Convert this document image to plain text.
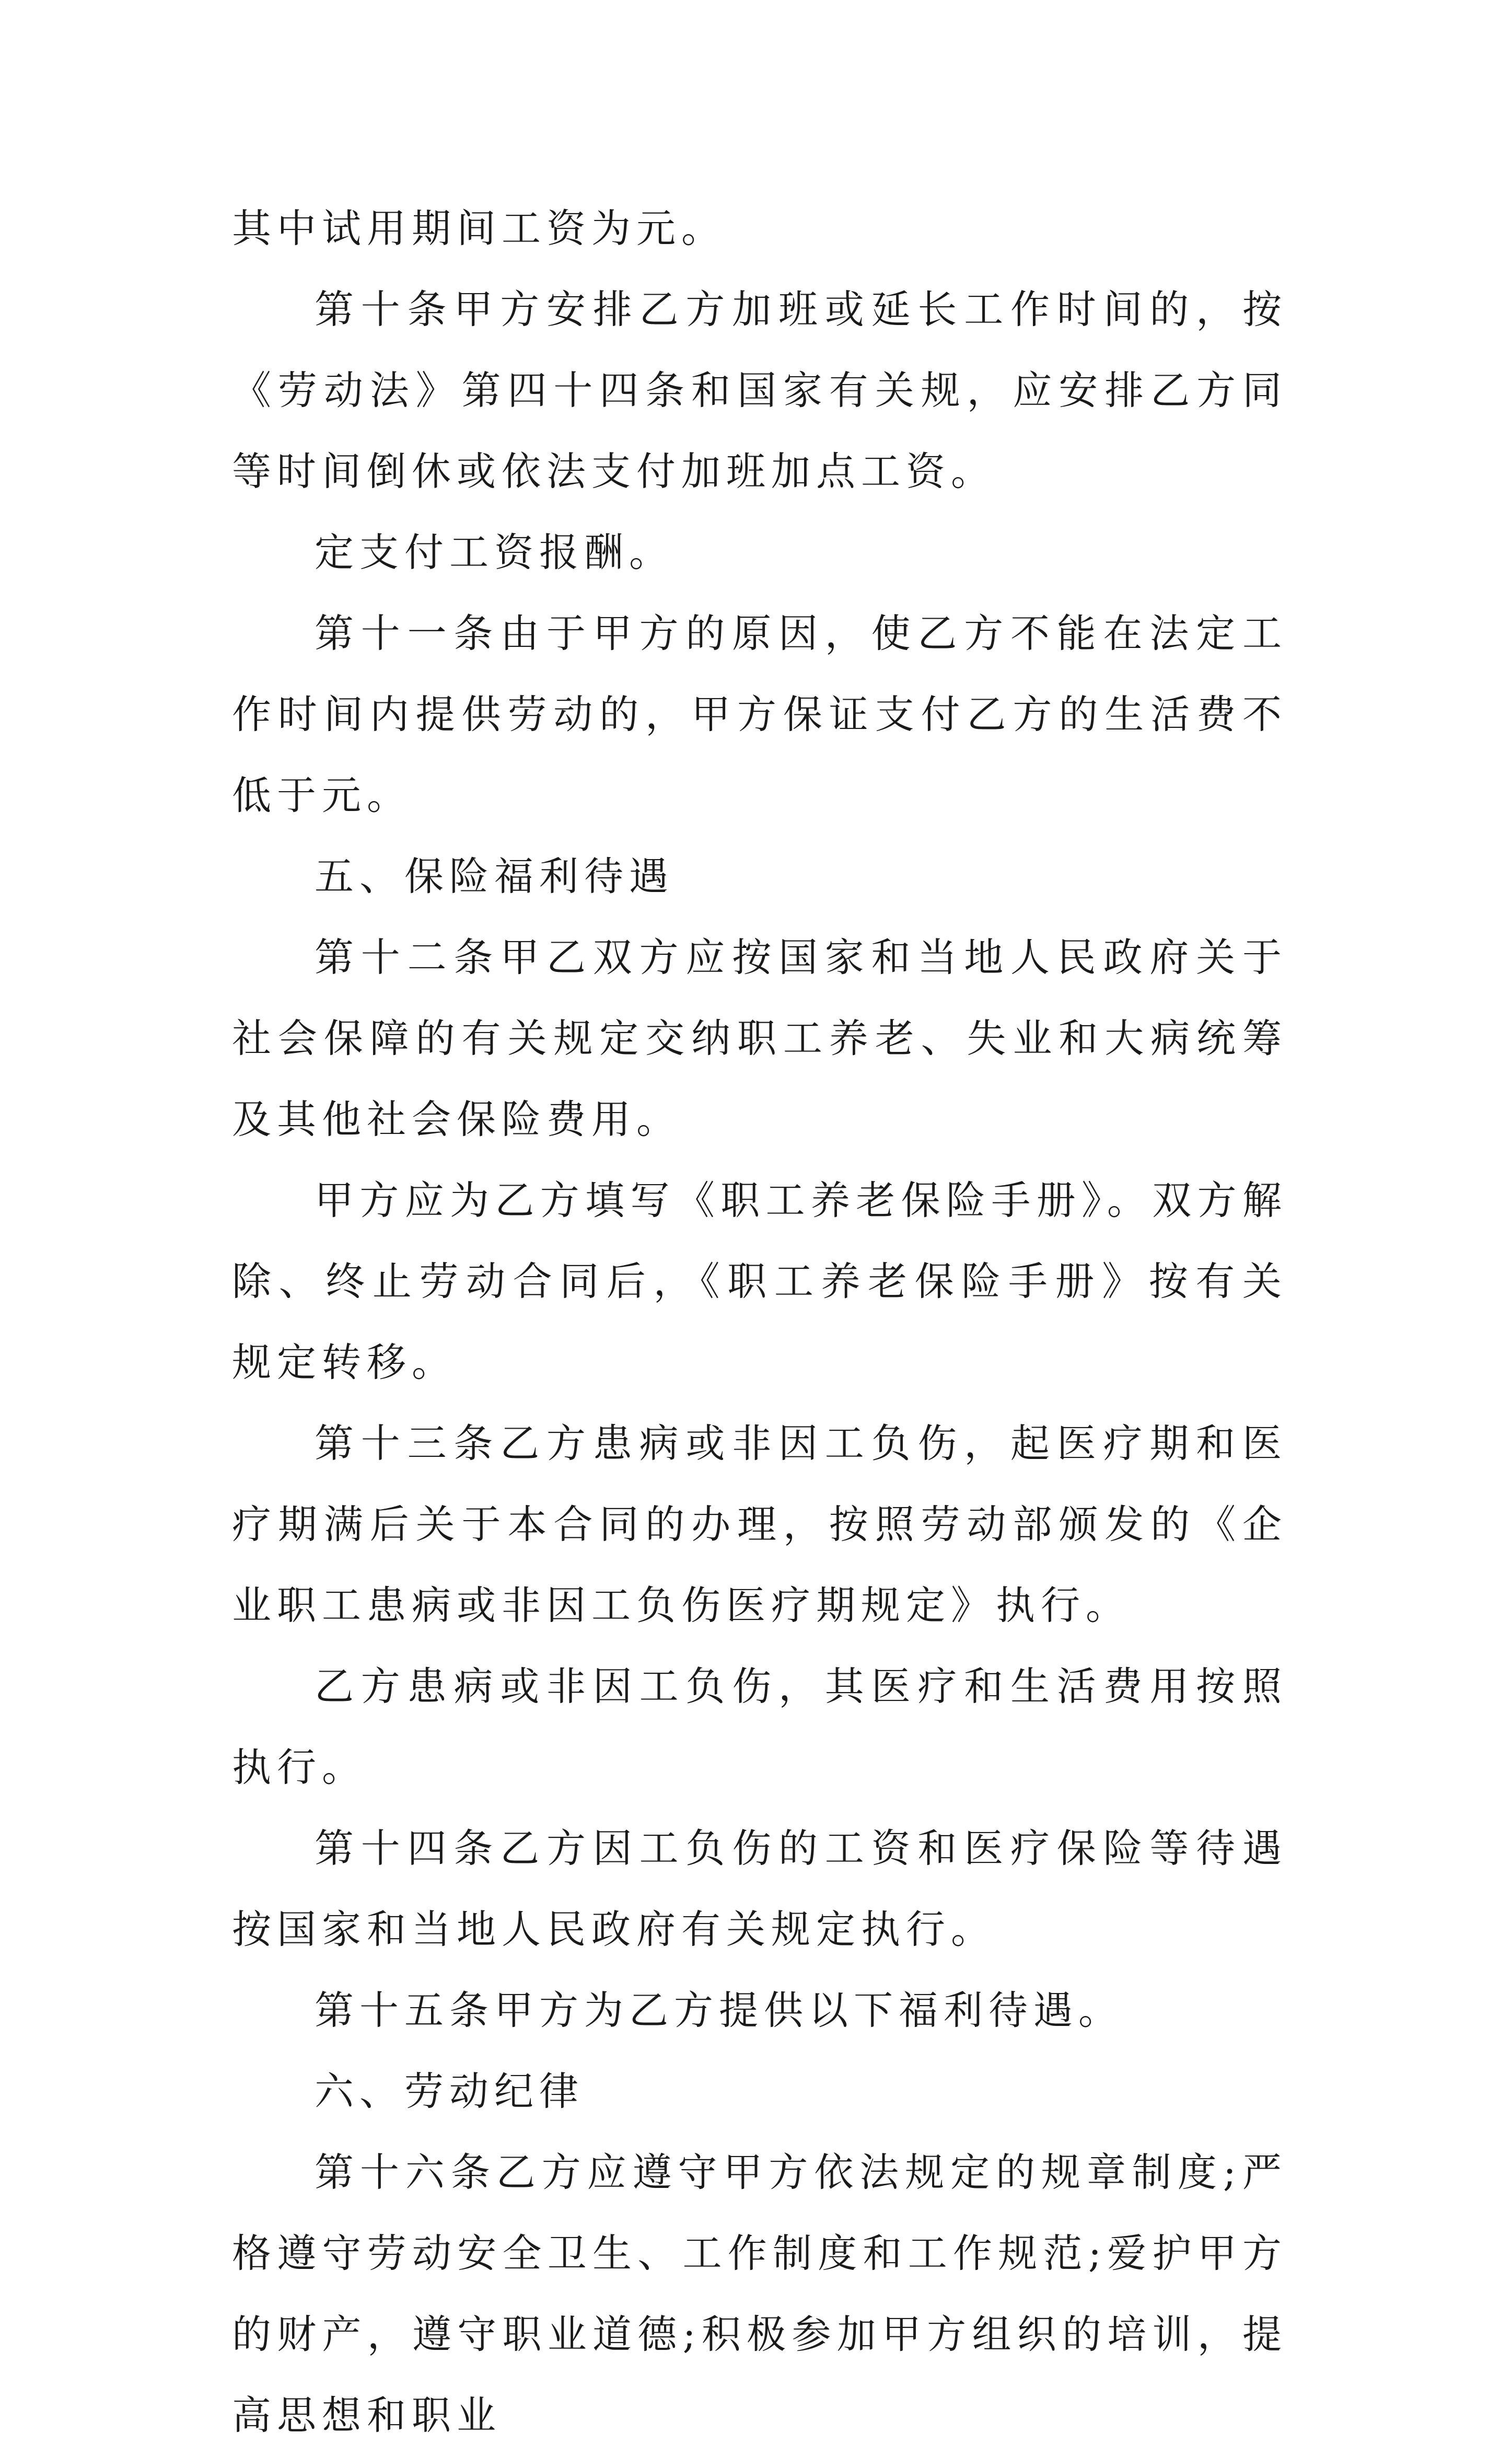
其中试用期间工资为元。

第十条甲方安排乙方加班或延长工作时间的，按《劳动法》第四十四条和国家有关规，应安排乙方同等时间倒休或依法支付加班加点工资。

定支付工资报酬。

第十一条由于甲方的原因，使乙方不能在法定工作时间内提供劳动的，甲方保证支付乙方的生活费不低于元。

五、保险福利待遇

第十二条甲乙双方应按国家和当地人民政府关于社会保障的有关规定交纳职工养老、失业和大病统筹及其他社会保险费用。

甲方应为乙方填写《职工养老保险手册》。双方解除、终止劳动合同后，《职工养老保险手册》按有关规定转移。

第十三条乙方患病或非因工负伤，起医疗期和医疗期满后关于本合同的办理，按照劳动部颁发的《企业职工患病或非因工负伤医疗期规定》执行。

乙方患病或非因工负伤，其医疗和生活费用按照执行。

第十四条乙方因工负伤的工资和医疗保险等待遇按国家和当地人民政府有关规定执行。

第十五条甲方为乙方提供以下福利待遇。

六、劳动纪律

第十六条乙方应遵守甲方依法规定的规章制度;严格遵守劳动安全卫生、工作制度和工作规范;爱护甲方的财产，遵守职业道德;积极参加甲方组织的培训，提高思想和职业
